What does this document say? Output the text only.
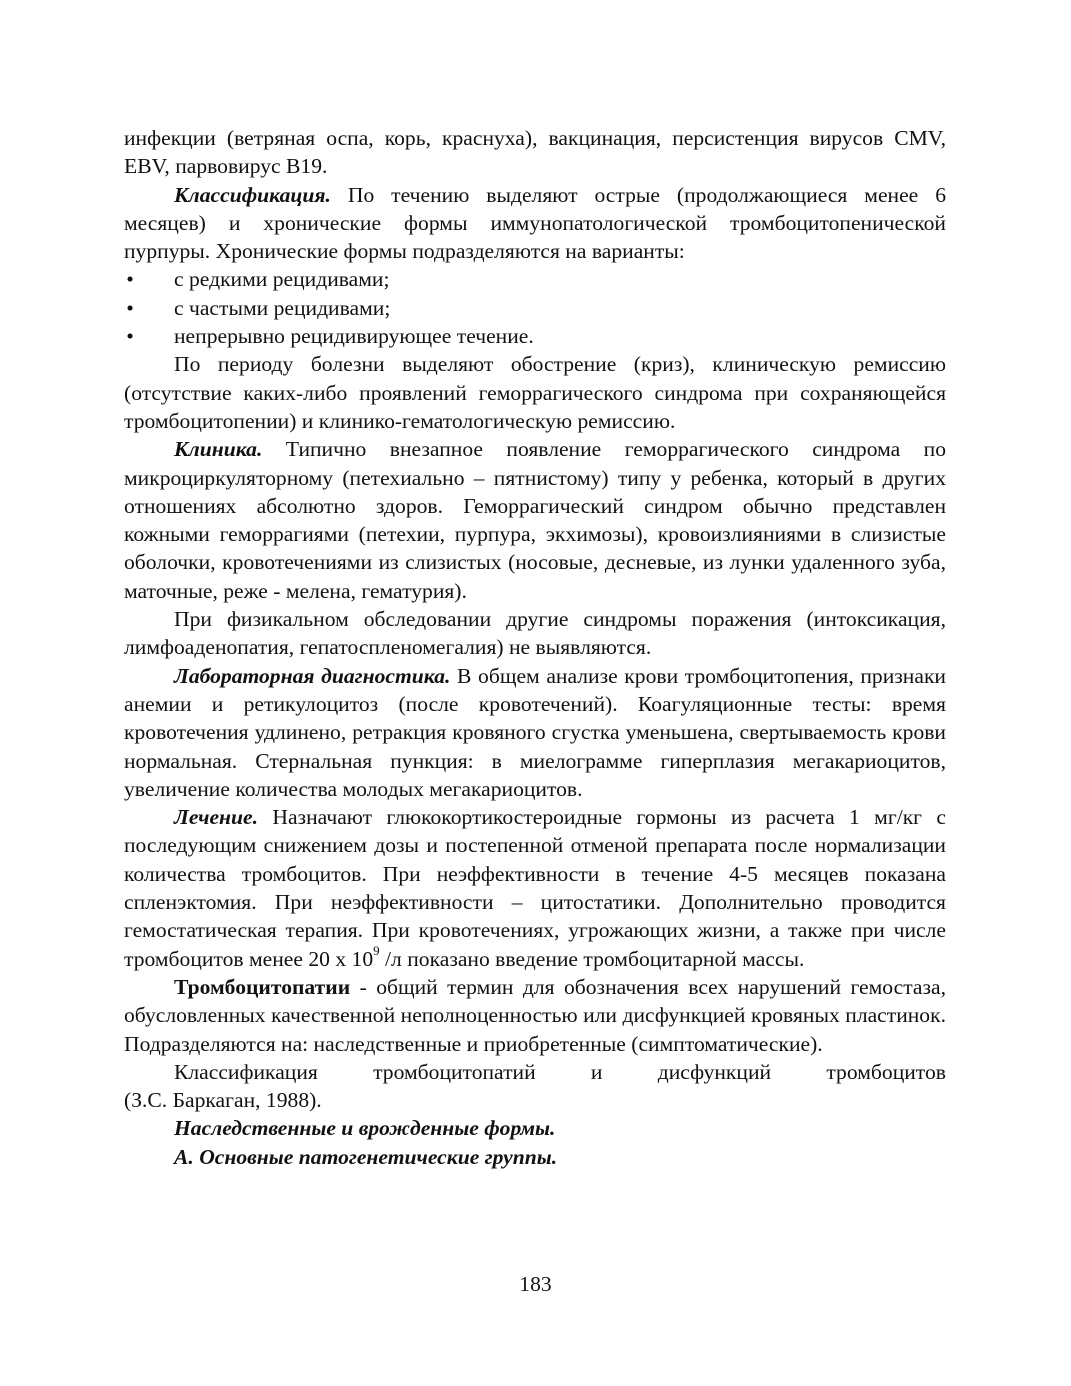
инфекции (ветряная оспа, корь, краснуха), вакцинация, персистенция вирусов CMV, EBV, парвовирус В19.

Классификация. По течению выделяют острые (продолжающиеся менее 6 месяцев) и хронические формы иммунопатологической тромбоцитопенической пурпуры. Хронические формы подразделяются на варианты:

• с редкими рецидивами;
• с частыми рецидивами;
• непрерывно рецидивирующее течение.

По периоду болезни выделяют обострение (криз), клиническую ремиссию (отсутствие каких-либо проявлений геморрагического синдрома при сохраняющейся тромбоцитопении) и клинико-гематологическую ремиссию.

Клиника. Типично внезапное появление геморрагического синдрома по микроциркуляторному (петехиально – пятнистому) типу у ребенка, который в других отношениях абсолютно здоров. Геморрагический синдром обычно представлен кожными геморрагиями (петехии, пурпура, экхимозы), кровоизлияниями в слизистые оболочки, кровотечениями из слизистых (носовые, десневые, из лунки удаленного зуба, маточные, реже - мелена, гематурия).

При физикальном обследовании другие синдромы поражения (интоксикация, лимфоаденопатия, гепатоспленомегалия) не выявляются.

Лабораторная диагностика. В общем анализе крови тромбоцитопения, признаки анемии и ретикулоцитоз (после кровотечений). Коагуляционные тесты: время кровотечения удлинено, ретракция кровяного сгустка уменьшена, свертываемость крови нормальная. Стернальная пункция: в миелограмме гиперплазия мегакариоцитов, увеличение количества молодых мегакариоцитов.

Лечение. Назначают глюкокортикостероидные гормоны из расчета 1 мг/кг с последующим снижением дозы и постепенной отменой препарата после нормализации количества тромбоцитов. При неэффективности в течение 4-5 месяцев показана спленэктомия. При неэффективности – цитостатики. Дополнительно проводится гемостатическая терапия. При кровотечениях, угрожающих жизни, а также при числе тромбоцитов менее 20 х $10^9$ /л показано введение тромбоцитарной массы.

Тромбоцитопатии - общий термин для обозначения всех нарушений гемостаза, обусловленных качественной неполноценностью или дисфункцией кровяных пластинок. Подразделяются на: наследственные и приобретенные (симптоматические).

Классификация	тромбоцитопатий	и	дисфункций	тромбоцитов

(З.С. Баркаган, 1988).

Наследственные и врожденные формы.
А. Основные патогенетические группы.
183
